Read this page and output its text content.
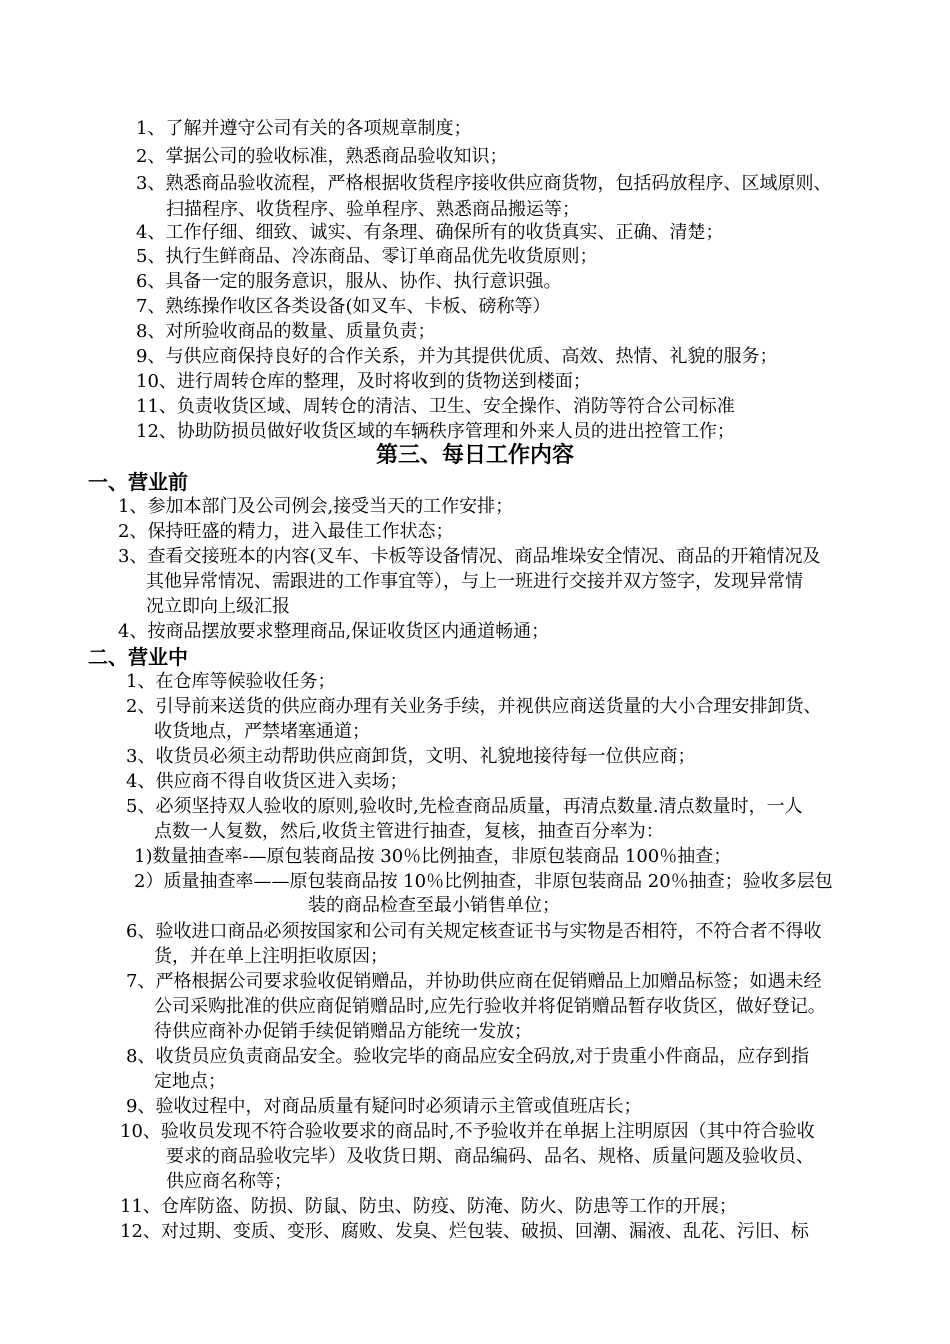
1、了解并遵守公司有关的各项规章制度；
2、掌据公司的验收标准，熟悉商品验收知识；
3、熟悉商品验收流程，严格根据收货程序接收供应商货物，包括码放程序、区域原则、
扫描程序、收货程序、验单程序、熟悉商品搬运等；
4、工作仔细、细致、诚实、有条理、确保所有的收货真实、正确、清楚；
5、执行生鲜商品、冷冻商品、零订单商品优先收货原则；
6、具备一定的服务意识，服从、协作、执行意识强。
7、熟练操作收区各类设备(如叉车、卡板、磅称等）
8、对所验收商品的数量、质量负责；
9、与供应商保持良好的合作关系，并为其提供优质、高效、热情、礼貌的服务；
10、进行周转仓库的整理，及时将收到的货物送到楼面；
11、负责收货区域、周转仓的清洁、卫生、安全操作、消防等符合公司标准
12、协助防损员做好收货区域的车辆秩序管理和外来人员的进出控管工作；
第三、每日工作内容
一、营业前
1、参加本部门及公司例会,接受当天的工作安排；
2、保持旺盛的精力，进入最佳工作状态；
3、查看交接班本的内容(叉车、卡板等设备情况、商品堆垛安全情况、商品的开箱情况及
其他异常情况、需跟进的工作事宜等），与上一班进行交接并双方签字，发现异常情
况立即向上级汇报
4、按商品摆放要求整理商品,保证收货区内通道畅通；
二、营业中
1、在仓库等候验收任务；
2、引导前来送货的供应商办理有关业务手续，并视供应商送货量的大小合理安排卸货、
收货地点，严禁堵塞通道；
3、收货员必须主动帮助供应商卸货，文明、礼貌地接待每一位供应商；
4、供应商不得自收货区进入卖场；
5、必须坚持双人验收的原则,验收时,先检查商品质量，再清点数量.清点数量时，一人
点数一人复数，然后,收货主管进行抽查，复核，抽查百分率为：
1)数量抽查率-—原包装商品按 30％比例抽查，非原包装商品 100％抽查；
2）质量抽查率——原包装商品按 10％比例抽查，非原包装商品 20％抽查；验收多层包
装的商品检查至最小销售单位；
6、验收进口商品必须按国家和公司有关规定核查证书与实物是否相符，不符合者不得收
货，并在单上注明拒收原因；
7、严格根据公司要求验收促销赠品，并协助供应商在促销赠品上加赠品标签；如遇未经
公司采购批准的供应商促销赠品时,应先行验收并将促销赠品暂存收货区，做好登记。
待供应商补办促销手续促销赠品方能统一发放；
8、收货员应负责商品安全。验收完毕的商品应安全码放,对于贵重小件商品，应存到指
定地点；
9、验收过程中，对商品质量有疑问时必须请示主管或值班店长；
10、验收员发现不符合验收要求的商品时,不予验收并在单据上注明原因（其中符合验收
要求的商品验收完毕）及收货日期、商品编码、品名、规格、质量问题及验收员、
供应商名称等；
11、仓库防盗、防损、防鼠、防虫、防疫、防淹、防火、防患等工作的开展；
12、对过期、变质、变形、腐败、发臭、烂包装、破损、回潮、漏液、乱花、污旧、标
